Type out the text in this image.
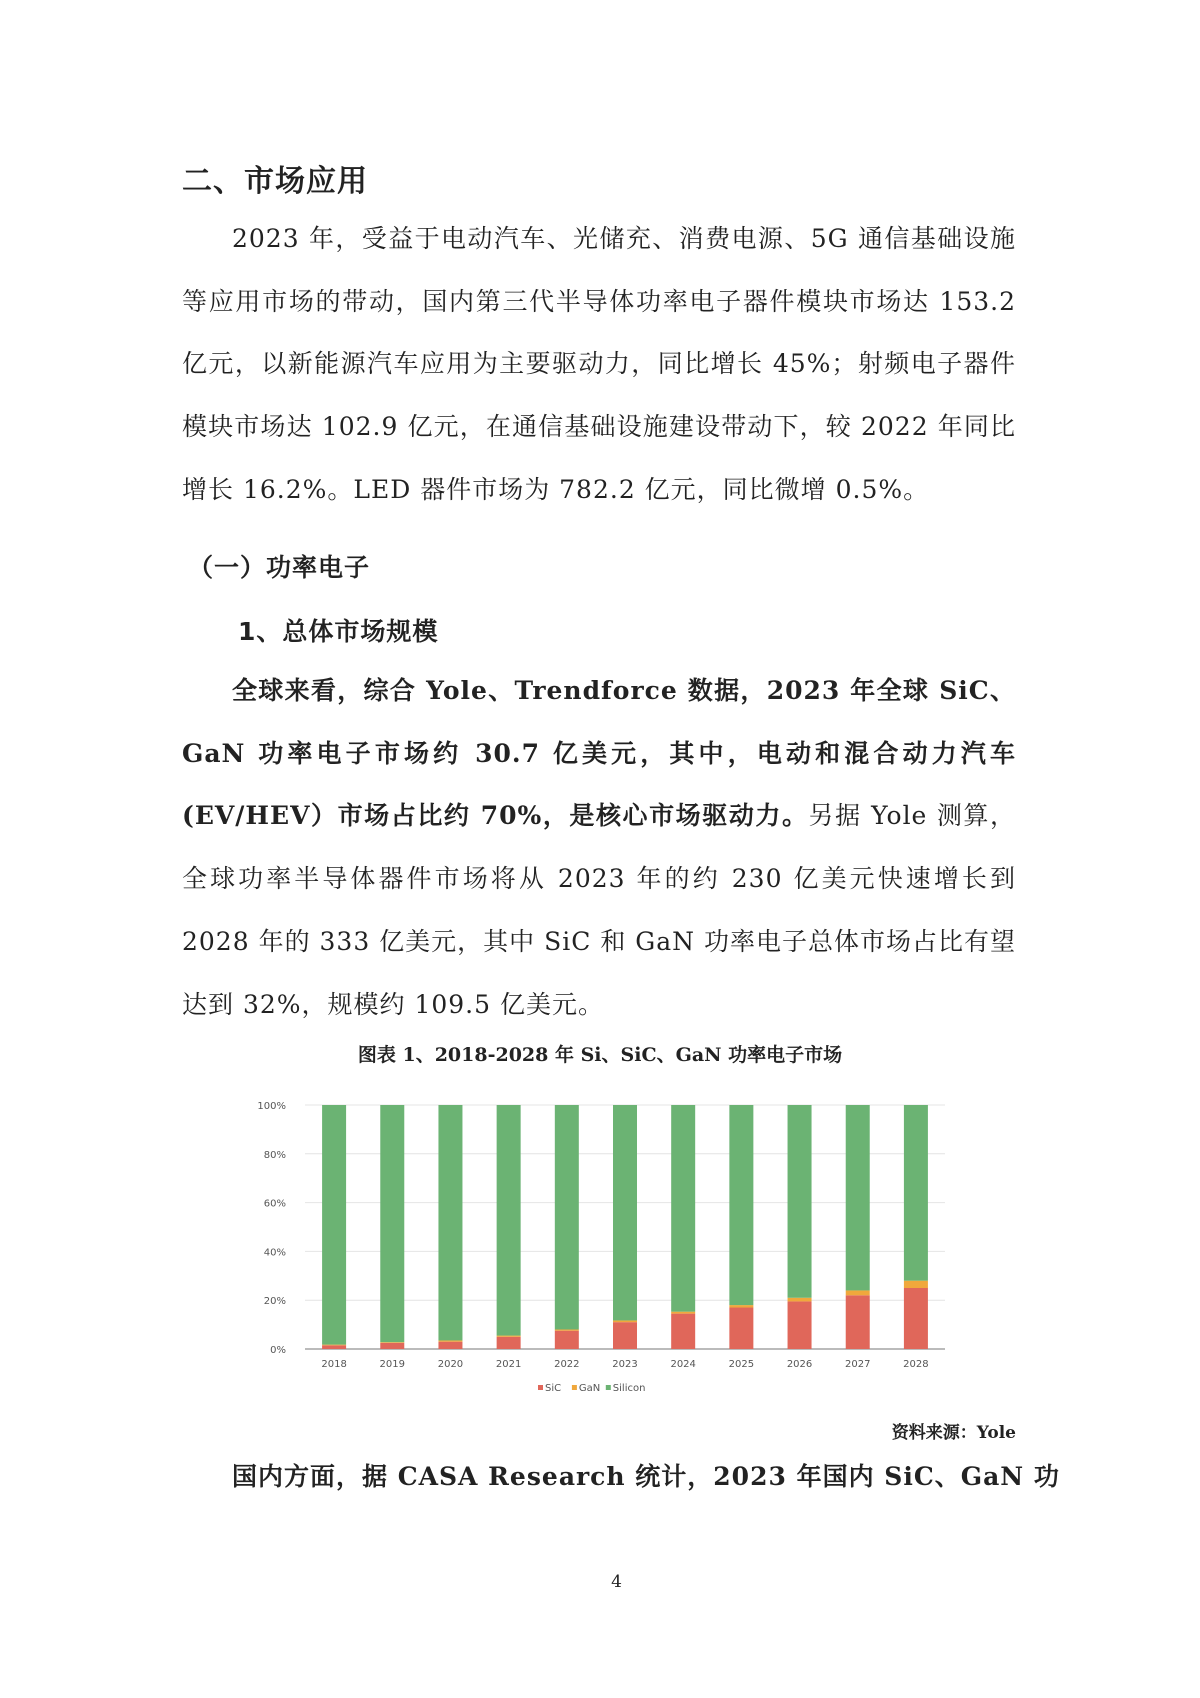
二、市场应用
2023 年，受益于电动汽车、光储充、消费电源、5G 通信基础设施等应用市场的带动，国内第三代半导体功率电子器件模块市场达 153.2 亿元，以新能源汽车应用为主要驱动力，同比增长 45%；射频电子器件模块市场达 102.9 亿元，在通信基础设施建设带动下，较 2022 年同比增长 16.2%。LED 器件市场为 782.2 亿元，同比微增 0.5%。
（一）功率电子
1、总体市场规模
全球来看，综合 Yole、Trendforce 数据，2023 年全球 SiC、GaN 功率电子市场约 30.7 亿美元，其中，电动和混合动力汽车(EV/HEV）市场占比约 70%，是核心市场驱动力。另据 Yole 测算，全球功率半导体器件市场将从 2023 年的约 230 亿美元快速增长到 2028 年的 333 亿美元，其中 SiC 和 GaN 功率电子总体市场占比有望达到 32%，规模约 109.5 亿美元。
图表 1、2018-2028 年 Si、SiC、GaN 功率电子市场
0%
20%
40%
60%
80%
100%
2018	2019	2020	2021	2022	2023	2024	2025	2026	2027	2028
SiC GaN Silicon
资料来源：Yole
国内方面，据 CASA Research 统计，2023 年国内 SiC、GaN 功
4
